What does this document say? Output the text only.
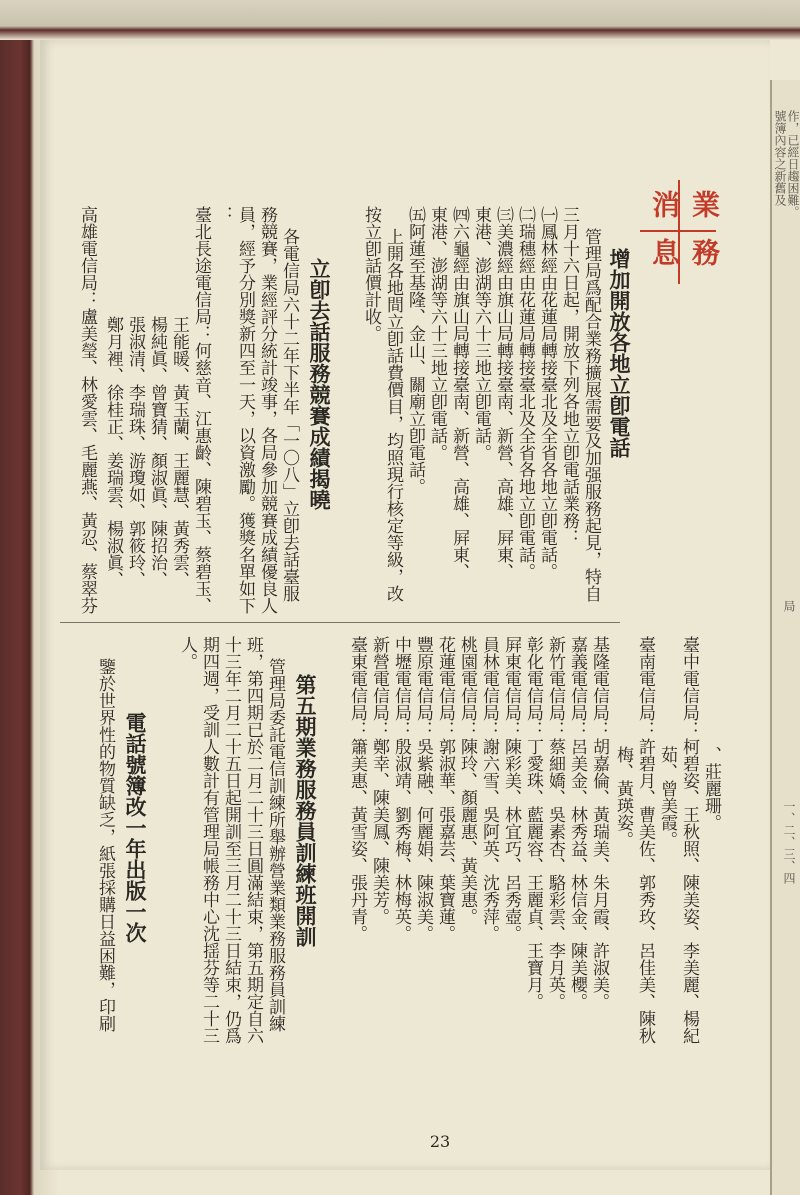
業
務
消
息
增加開放各地立卽電話
管理局爲配合業務擴展需要及加强服務起見，特自
三月十六日起，開放下列各地立卽電話業務：
㈠鳳林經由花蓮局轉接臺北及全省各地立卽電話。
㈡瑞穗經由花蓮局轉接臺北及全省各地立卽電話。
㈢美濃經由旗山局轉接臺南、新營、高雄、屛東、
東港、澎湖等六十三地立卽電話。
㈣六龜經由旗山局轉接臺南、新營、高雄、屛東、
東港、澎湖等六十三地立卽電話。
㈤阿蓮至基隆、金山、關廟立卽電話。
上開各地間立卽話費價目，均照現行核定等級，改
按立卽話價計收。
立卽去話服務競賽成績揭曉
各電信局六十二年下半年「一〇八」立卽去話臺服
務競賽，業經評分統計竣事，各局參加競賽成績優良人
員，經予分別獎新四至一天，以資激勵。獲獎名單如下
：
臺北長途電信局：何慈音、江惠齡、陳碧玉、蔡碧玉、
王能暖、黃玉蘭、王麗慧、黃秀雲、
楊純眞、曾寶猜、顏淑眞、陳招治、
張淑清、李瑞珠、游瓊如、郭筱玲、
鄭月裡、徐桂正、姜瑞雲、楊淑眞、
高雄電信局：盧美瑩、林愛雲、毛麗燕、黃忍、蔡翠芬
、莊麗珊。
臺中電信局：柯碧姿、王秋照、陳美姿、李美麗、楊紀
茹、曾美霞。
臺南電信局：許碧月、曹美佐、郭秀玫、呂佳美、陳秋
梅、黃瑛姿。
基隆電信局：胡嘉倫、黃瑞美、朱月霞、許淑美。
嘉義電信局：呂美金、林秀益、林信金、陳美櫻。
新竹電信局：蔡細嬌、吳素杏、駱彩雲、李月英。
彰化電信局：丁愛珠、藍麗容、王麗貞、王寶月。
屛東電信局：陳彩美、林宜巧、呂秀壺。
員林電信局：謝六雪、吳阿英、沈秀萍。
桃園電信局：陳玲、顏麗惠、黃美惠。
花蓮電信局：郭淑華、張嘉芸、葉寶蓮。
豐原電信局：吳紫融、何麗娟、陳淑美。
中壢電信局：殷淑靖、劉秀梅、林梅英。
新營電信局：鄭幸、陳美鳳、陳美芳。
臺東電信局：簫美惠、黃雪姿、張丹青。
第五期業務服務員訓練班開訓
管理局委託電信訓練所舉辦營業類業務服務員訓練
班，第四期已於二月二十三日圓滿結束，第五期定自六
十三年二月二十五日起開訓至三月二十三日結束，仍爲
期四週，受訓人數計有管理局帳務中心沈揺芬等二十三
人。
電話號簿改一年出版一次
鑒於世界性的物質缺乏，紙張採購日益困難，印刷
23
作，已經日趨困難。
號簿內容之新舊及
一、二、三、四
局
